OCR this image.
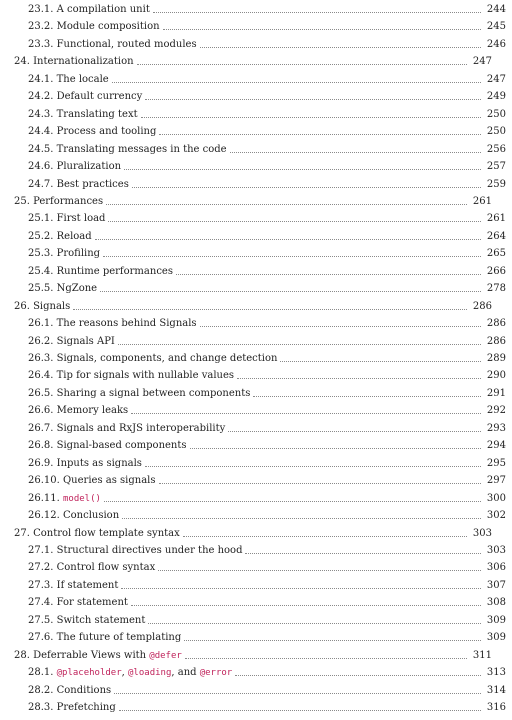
23.1. A compilation unit	244
23.2. Module composition	245
23.3. Functional, routed modules	246
24. Internationalization	247
24.1. The locale	247
24.2. Default currency	249
24.3. Translating text	250
24.4. Process and tooling	250
24.5. Translating messages in the code	256
24.6. Pluralization	257
24.7. Best practices	259
25. Performances	261
25.1. First load	261
25.2. Reload	264
25.3. Profiling	265
25.4. Runtime performances	266
25.5. NgZone	278
26. Signals	286
26.1. The reasons behind Signals	286
26.2. Signals API	286
26.3. Signals, components, and change detection	289
26.4. Tip for signals with nullable values	290
26.5. Sharing a signal between components	291
26.6. Memory leaks	292
26.7. Signals and RxJS interoperability	293
26.8. Signal-based components	294
26.9. Inputs as signals	295
26.10. Queries as signals	297
26.11. model()	300
26.12. Conclusion	302
27. Control flow template syntax	303
27.1. Structural directives under the hood	303
27.2. Control flow syntax	306
27.3. If statement	307
27.4. For statement	308
27.5. Switch statement	309
27.6. The future of templating	309
28. Deferrable Views with @defer	311
28.1. @placeholder, @loading, and @error	313
28.2. Conditions	314
28.3. Prefetching	316
